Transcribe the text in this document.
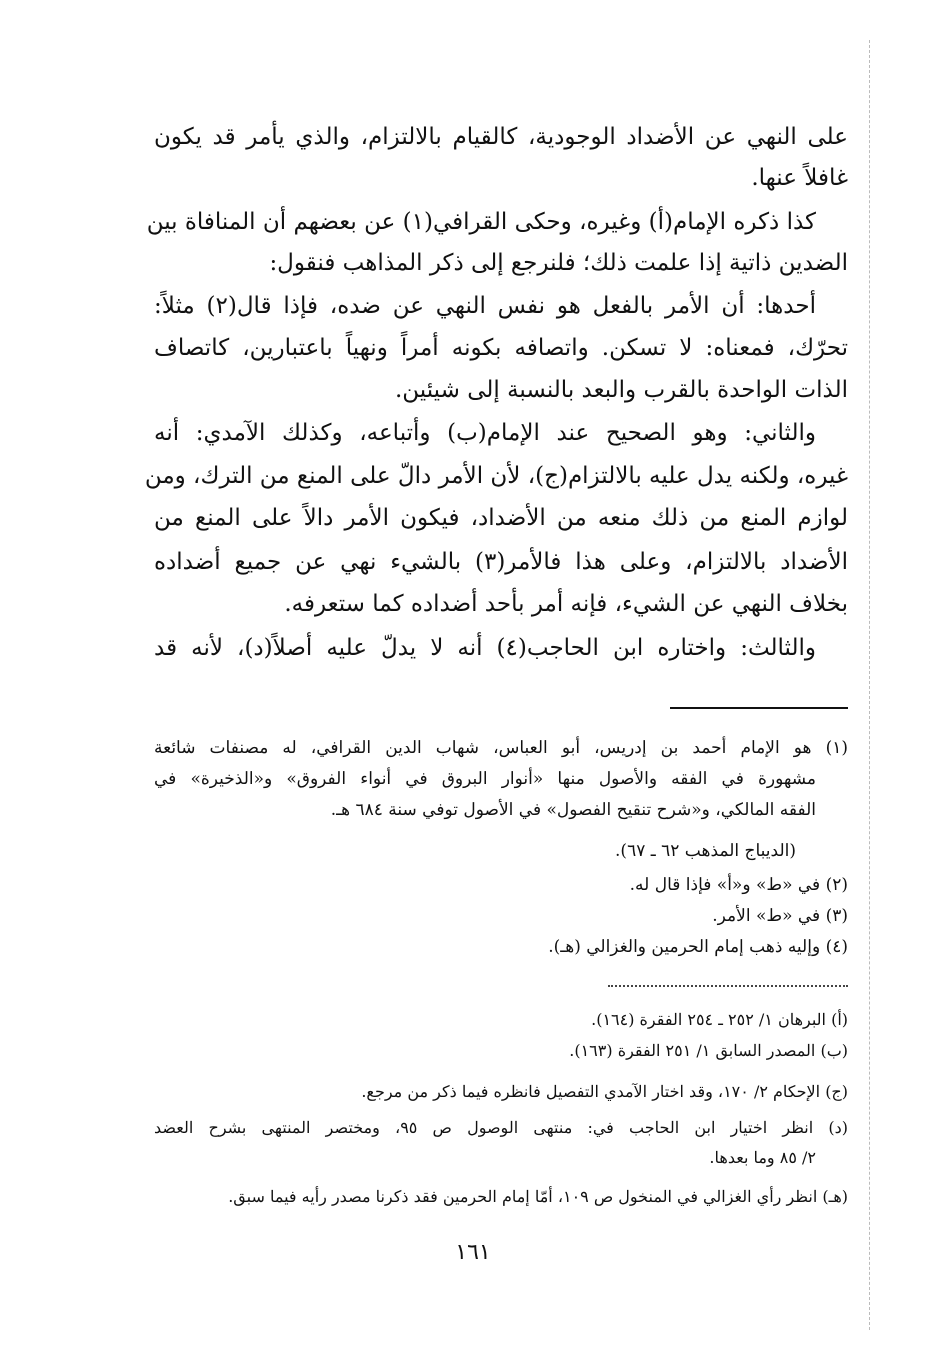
على النهي عن الأضداد الوجودية، كالقيام بالالتزام، والذي يأمر قد يكون
غافلاً عنها.
كذا ذكره الإمام(أ) وغيره، وحكى القرافي(١) عن بعضهم أن المنافاة بين
الضدين ذاتية إذا علمت ذلك؛ فلنرجع إلى ذكر المذاهب فنقول:
أحدها: أن الأمر بالفعل هو نفس النهي عن ضده، فإذا قال(٢) مثلاً:
تحرّك، فمعناه: لا تسكن. واتصافه بكونه أمراً ونهياً باعتبارين، كاتصاف
الذات الواحدة بالقرب والبعد بالنسبة إلى شيئين.
والثاني: وهو الصحيح عند الإمام(ب) وأتباعه، وكذلك الآمدي: أنه
غيره، ولكنه يدل عليه بالالتزام(ج)، لأن الأمر دالّ على المنع من الترك، ومن
لوازم المنع من ذلك منعه من الأضداد، فيكون الأمر دالاً على المنع من
الأضداد بالالتزام، وعلى هذا فالأمر(٣) بالشيء نهي عن جميع أضداده
بخلاف النهي عن الشيء، فإنه أمر بأحد أضداده كما ستعرفه.
والثالث: واختاره ابن الحاجب(٤) أنه لا يدلّ عليه أصلاً(د)، لأنه قد
(١) هو الإمام أحمد بن إدريس، أبو العباس، شهاب الدين القرافي، له مصنفات شائعة
مشهورة في الفقه والأصول منها «أنوار البروق في أنواء الفروق» و«الذخيرة» في
الفقه المالكي، و«شرح تنقيح الفصول» في الأصول توفي سنة ٦٨٤ هـ.
(الديباج المذهب ٦٢ ـ ٦٧).
(٢) في «ط» و«أ» فإذا قال له.
(٣) في «ط» الأمر.
(٤) وإليه ذهب إمام الحرمين والغزالي (هـ).
(أ) البرهان ١/ ٢٥٢ ـ ٢٥٤ الفقرة (١٦٤).
(ب) المصدر السابق ١/ ٢٥١ الفقرة (١٦٣).
(ج) الإحكام ٢/ ١٧٠، وقد اختار الآمدي التفصيل فانظره فيما ذكر من مرجع.
(د) انظر اختيار ابن الحاجب في: منتهى الوصول ص ٩٥، ومختصر المنتهى بشرح العضد
٢/ ٨٥ وما بعدها.
(هـ) انظر رأي الغزالي في المنخول ص ١٠٩، أمّا إمام الحرمين فقد ذكرنا مصدر رأيه فيما سبق.
١٦١
